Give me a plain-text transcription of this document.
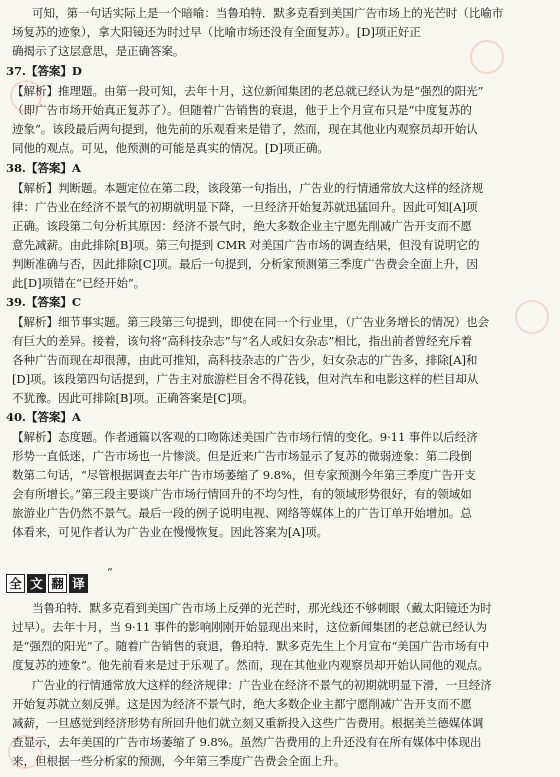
可知，第一句话实际上是一个暗喻：当鲁珀特．默多克看到美国广告市场上的光芒时（比喻市
场复苏的迹象），拿大阳镜还为时过早（比喻市场还没有全面复苏）。[D]项正好正
确揭示了这层意思，是正确答案。
37.【答案】D
【解析】推理题。由第一段可知，去年十月，这位新闻集团的老总就已经认为是“强烈的阳光”
（即广告市场开始真正复苏了）。但随着广告销售的衰退，他于上个月宣布只是“中度复苏的
迹象”。该段最后两句提到，他先前的乐观看来是错了，然而，现在其他业内观察员却开始认
同他的观点。可见，他预测的可能是真实的情况。[D]项正确。
38.【答案】A
【解析】判断题。本题定位在第二段，该段第一句指出，广告业的行情通常放大这样的经济规
律：广告业在经济不景气的初期就明显下降，一旦经济开始复苏就迅猛回升。因此可知[A]项
正确。该段第二句分析其原因：经济不景气时，绝大多数企业主宁愿先削减广告开支而不愿
意先减薪。由此排除[B]项。第三句提到 CMR 对美国广告市场的调查结果，但没有说明它的
判断准确与否，因此排除[C]项。最后一句提到，分析家预测第三季度广告费会全面上升，因
此[D]项错在“已经开始”。
39.【答案】C
【解析】细节事实题。第三段第三句提到，即使在同一个行业里，（广告业务增长的情况）也会
有巨大的差异。接着，该句将“高科技杂志”与“名人或妇女杂志”相比，指出前者曾经充斥着
各种广告而现在却很薄，由此可推知，高科技杂志的广告少，妇女杂志的广告多，排除[A]和
[D]项。该段第四句话提到，广告主对旅游栏目舍不得花钱，但对汽车和电影这样的栏目却从
不犹豫。因此可排除[B]项。正确答案是[C]项。
40.【答案】A
【解析】态度题。作者通篇以客观的口吻陈述美国广告市场行情的变化。9·11 事件以后经济
形势一直低迷，广告市场也一片惨淡。但是近来广告市场显示了复苏的微弱迹象：第二段倒
数第二句话，“尽管根据调查去年广告市场萎缩了 9.8%，但专家预测今年第三季度广告开支
会有所增长。”第三段主要谈广告市场行情回升的不均匀性，有的领域形势很好，有的领域如
旅游业广告仍然不景气。最后一段的例子说明电视、网络等媒体上的广告订单开始增加。总
体看来，可见作者认为广告业在慢慢恢复。因此答案为[A]项。
“
全 文 翻 译
当鲁珀特．默多克看到美国广告市场上反弹的光芒时，那光线还不够刺眼（戴太阳镜还为时
过早）。去年十月，当 9·11 事件的影响刚刚开始显现出来时，这位新闻集团的老总就已经认为
是“强烈的阳光”了。随着广告销售的衰退，鲁珀特．默多克先生上个月宣布“美国广告市场有中
度复苏的迹象”。他先前看来是过于乐观了。然而，现在其他业内观察员却开始认同他的观点。
广告业的行情通常放大这样的经济规律：广告业在经济不景气的初期就明显下滑，一旦经济
开始复苏就立刻反弹。这是因为经济不景气时，绝大多数企业主都宁愿削减广告开支而不愿
减薪，一旦感觉到经济形势有所回升他们就立刻又重新投入这些广告费用。根据美兰德媒体调
查显示，去年美国的广告市场萎缩了 9.8%。虽然广告费用的上升还没有在所有媒体中体现出
来，但根据一些分析家的预测，今年第三季度广告费会全面上升。
